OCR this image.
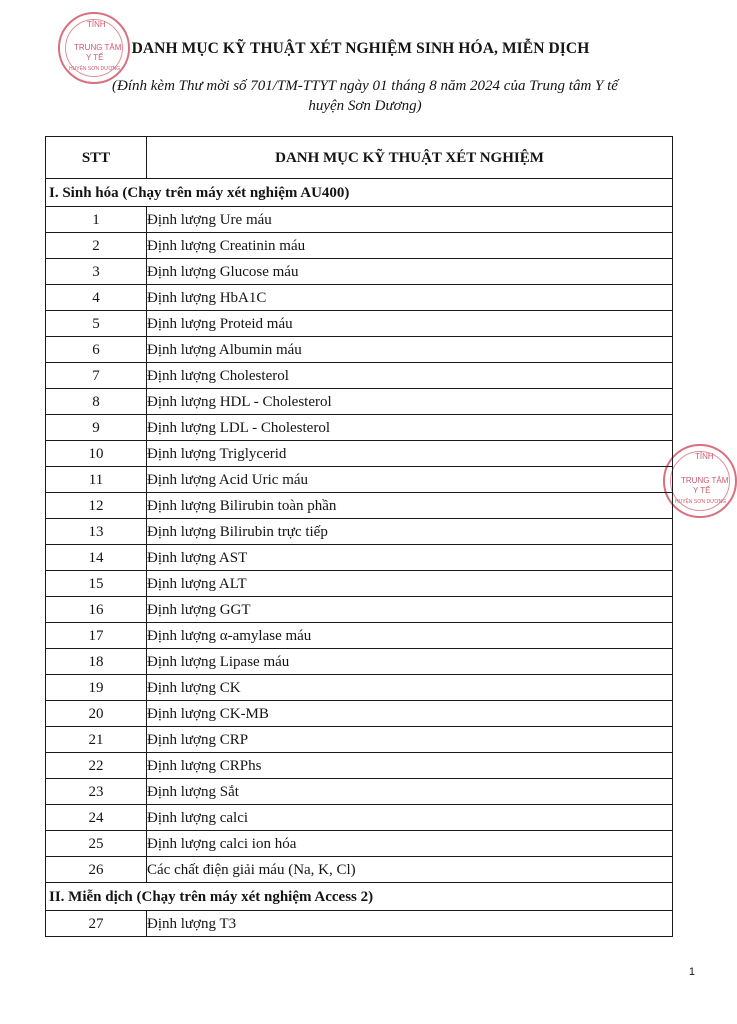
TỈNH
TRUNG TÂM
Y TẾ
HUYỆN SƠN DƯƠNG
TỈNH
TRUNG TÂM
Y TẾ
HUYỆN SƠN DƯƠNG
DANH MỤC KỸ THUẬT XÉT NGHIỆM SINH HÓA, MIỄN DỊCH
(Đính kèm Thư mời số 701/TM-TTYT ngày 01 tháng 8 năm 2024 của Trung tâm Y tế
huyện Sơn Dương)
STT	DANH MỤC KỸ THUẬT XÉT NGHIỆM
I. Sinh hóa (Chạy trên máy xét nghiệm AU400)	
1	Định lượng Ure máu
2	Định lượng Creatinin máu
3	Định lượng Glucose máu
4	Định lượng HbA1C
5	Định lượng Proteid máu
6	Định lượng Albumin máu
7	Định lượng Cholesterol
8	Định lượng HDL - Cholesterol
9	Định lượng LDL - Cholesterol
10	Định lượng Triglycerid
11	Định lượng Acid Uric máu
12	Định lượng Bilirubin toàn phần
13	Định lượng Bilirubin trực tiếp
14	Định lượng AST
15	Định lượng ALT
16	Định lượng GGT
17	Định lượng α-amylase máu
18	Định lượng Lipase máu
19	Định lượng CK
20	Định lượng CK-MB
21	Định lượng CRP
22	Định lượng CRPhs
23	Định lượng Sắt
24	Định lượng calci
25	Định lượng calci ion hóa
26	Các chất điện giải máu (Na, K, Cl)
II. Miễn dịch (Chạy trên máy xét nghiệm Access 2)	
27	Định lượng T3
1
